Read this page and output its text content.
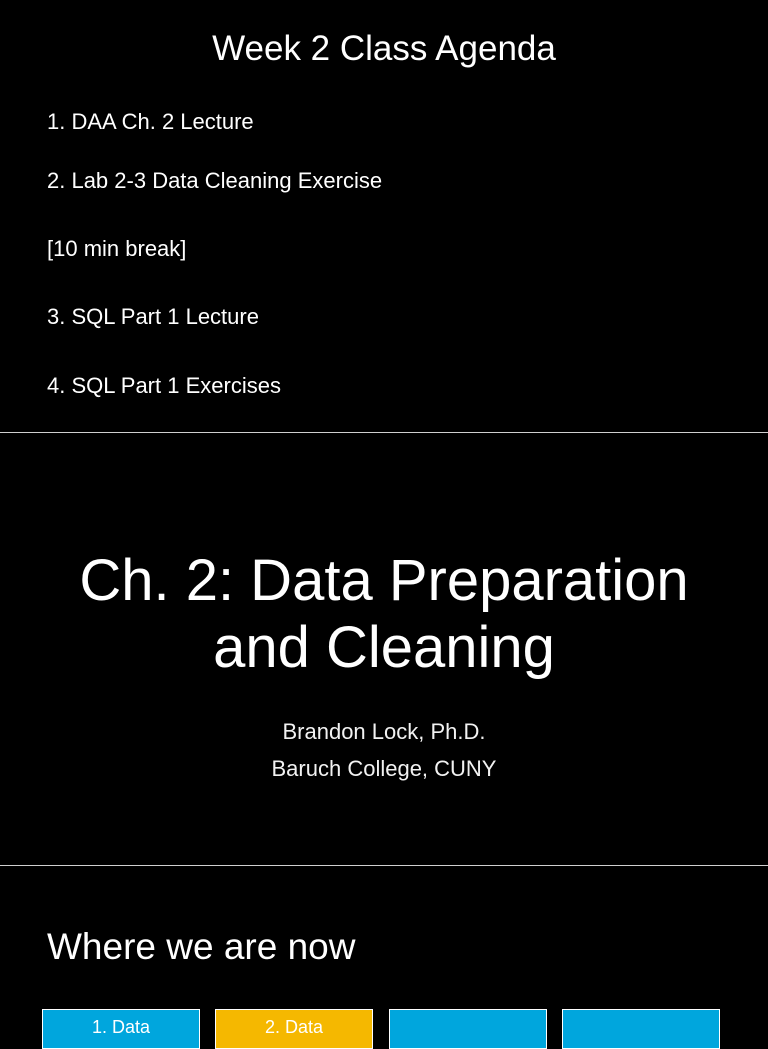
Week 2 Class Agenda
1. DAA Ch. 2 Lecture
2. Lab 2-3 Data Cleaning Exercise
[10 min break]
3. SQL Part 1 Lecture
4. SQL Part 1 Exercises
Ch. 2: Data Preparation
and Cleaning
Brandon Lock, Ph.D.
Baruch College, CUNY
Where we are now
1. Data	2. Data
